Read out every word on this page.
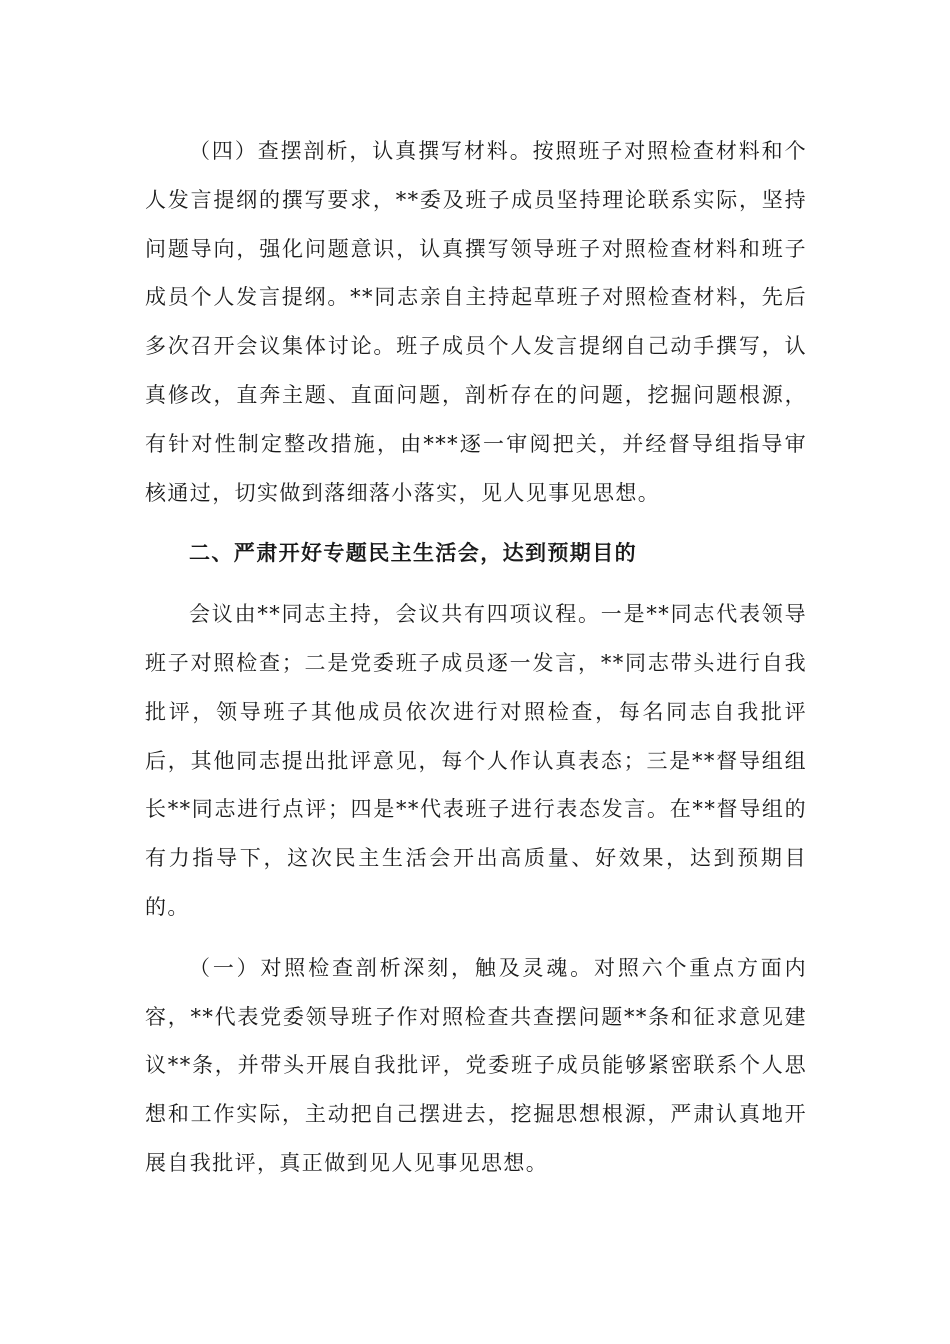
（四）查摆剖析，认真撰写材料。按照班子对照检查材料和个人发言提纲的撰写要求，**委及班子成员坚持理论联系实际，坚持问题导向，强化问题意识，认真撰写领导班子对照检查材料和班子成员个人发言提纲。**同志亲自主持起草班子对照检查材料，先后多次召开会议集体讨论。班子成员个人发言提纲自己动手撰写，认真修改，直奔主题、直面问题，剖析存在的问题，挖掘问题根源，有针对性制定整改措施，由***逐一审阅把关，并经督导组指导审核通过，切实做到落细落小落实，见人见事见思想。

二、严肃开好专题民主生活会，达到预期目的

会议由**同志主持，会议共有四项议程。一是**同志代表领导班子对照检查；二是党委班子成员逐一发言，**同志带头进行自我批评，领导班子其他成员依次进行对照检查，每名同志自我批评后，其他同志提出批评意见，每个人作认真表态；三是**督导组组长**同志进行点评；四是**代表班子进行表态发言。在**督导组的有力指导下，这次民主生活会开出高质量、好效果，达到预期目的。

（一）对照检查剖析深刻，触及灵魂。对照六个重点方面内容，**代表党委领导班子作对照检查共查摆问题**条和征求意见建议**条，并带头开展自我批评，党委班子成员能够紧密联系个人思想和工作实际，主动把自己摆进去，挖掘思想根源，严肃认真地开展自我批评，真正做到见人见事见思想。
